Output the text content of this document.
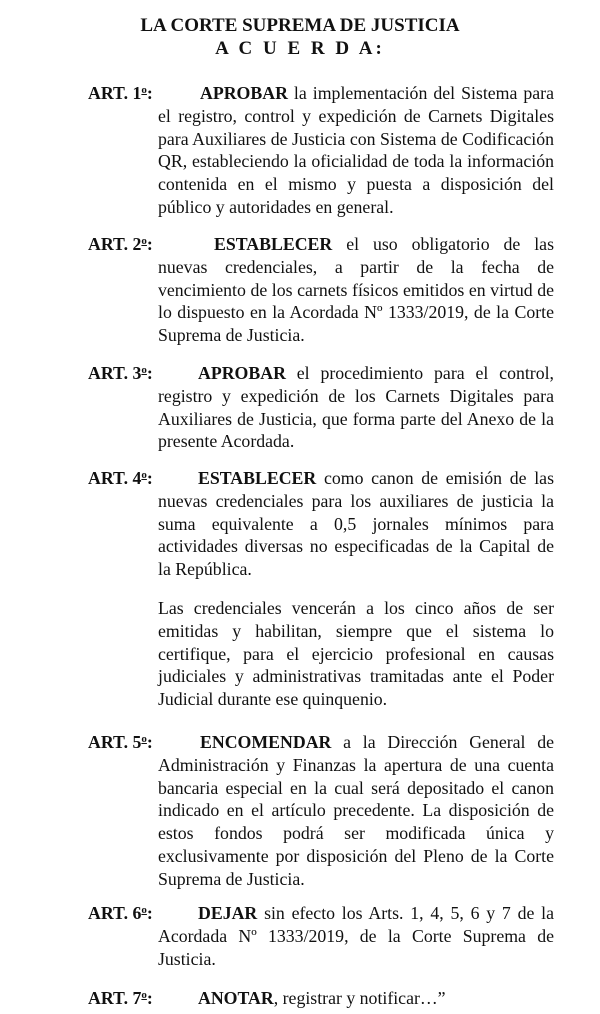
LA CORTE SUPREMA DE JUSTICIA
A C U E R D A:
ART. 1$^o$:	APROBAR la implementación del Sistema para el registro, control y expedición de Carnets Digitales para Auxiliares de Justicia con Sistema de Codificación QR, estableciendo la oficialidad de toda la información contenida en el mismo y puesta a disposición del público y autoridades en general.
ART. 2$^o$:	ESTABLECER el uso obligatorio de las nuevas credenciales, a partir de la fecha de vencimiento de los carnets físicos emitidos en virtud de lo dispuesto en la Acordada Nº 1333/2019, de la Corte Suprema de Justicia.
ART. 3$^o$:	APROBAR el procedimiento para el control, registro y expedición de los Carnets Digitales para Auxiliares de Justicia, que forma parte del Anexo de la presente Acordada.
ART. 4$^o$:	ESTABLECER como canon de emisión de las nuevas credenciales para los auxiliares de justicia la suma equivalente a 0,5 jornales mínimos para actividades diversas no especificadas de la Capital de la República.
Las credenciales vencerán a los cinco años de ser emitidas y habilitan, siempre que el sistema lo certifique, para el ejercicio profesional en causas judiciales y administrativas tramitadas ante el Poder Judicial durante ese quinquenio.
ART. 5$^o$:	ENCOMENDAR a la Dirección General de Administración y Finanzas la apertura de una cuenta bancaria especial en la cual será depositado el canon indicado en el artículo precedente. La disposición de estos fondos podrá ser modificada única y exclusivamente por disposición del Pleno de la Corte Suprema de Justicia.
ART. 6$^o$:	DEJAR sin efecto los Arts. 1, 4, 5, 6 y 7 de la Acordada Nº 1333/2019, de la Corte Suprema de Justicia.
ART. 7$^o$:	ANOTAR, registrar y notificar…”
